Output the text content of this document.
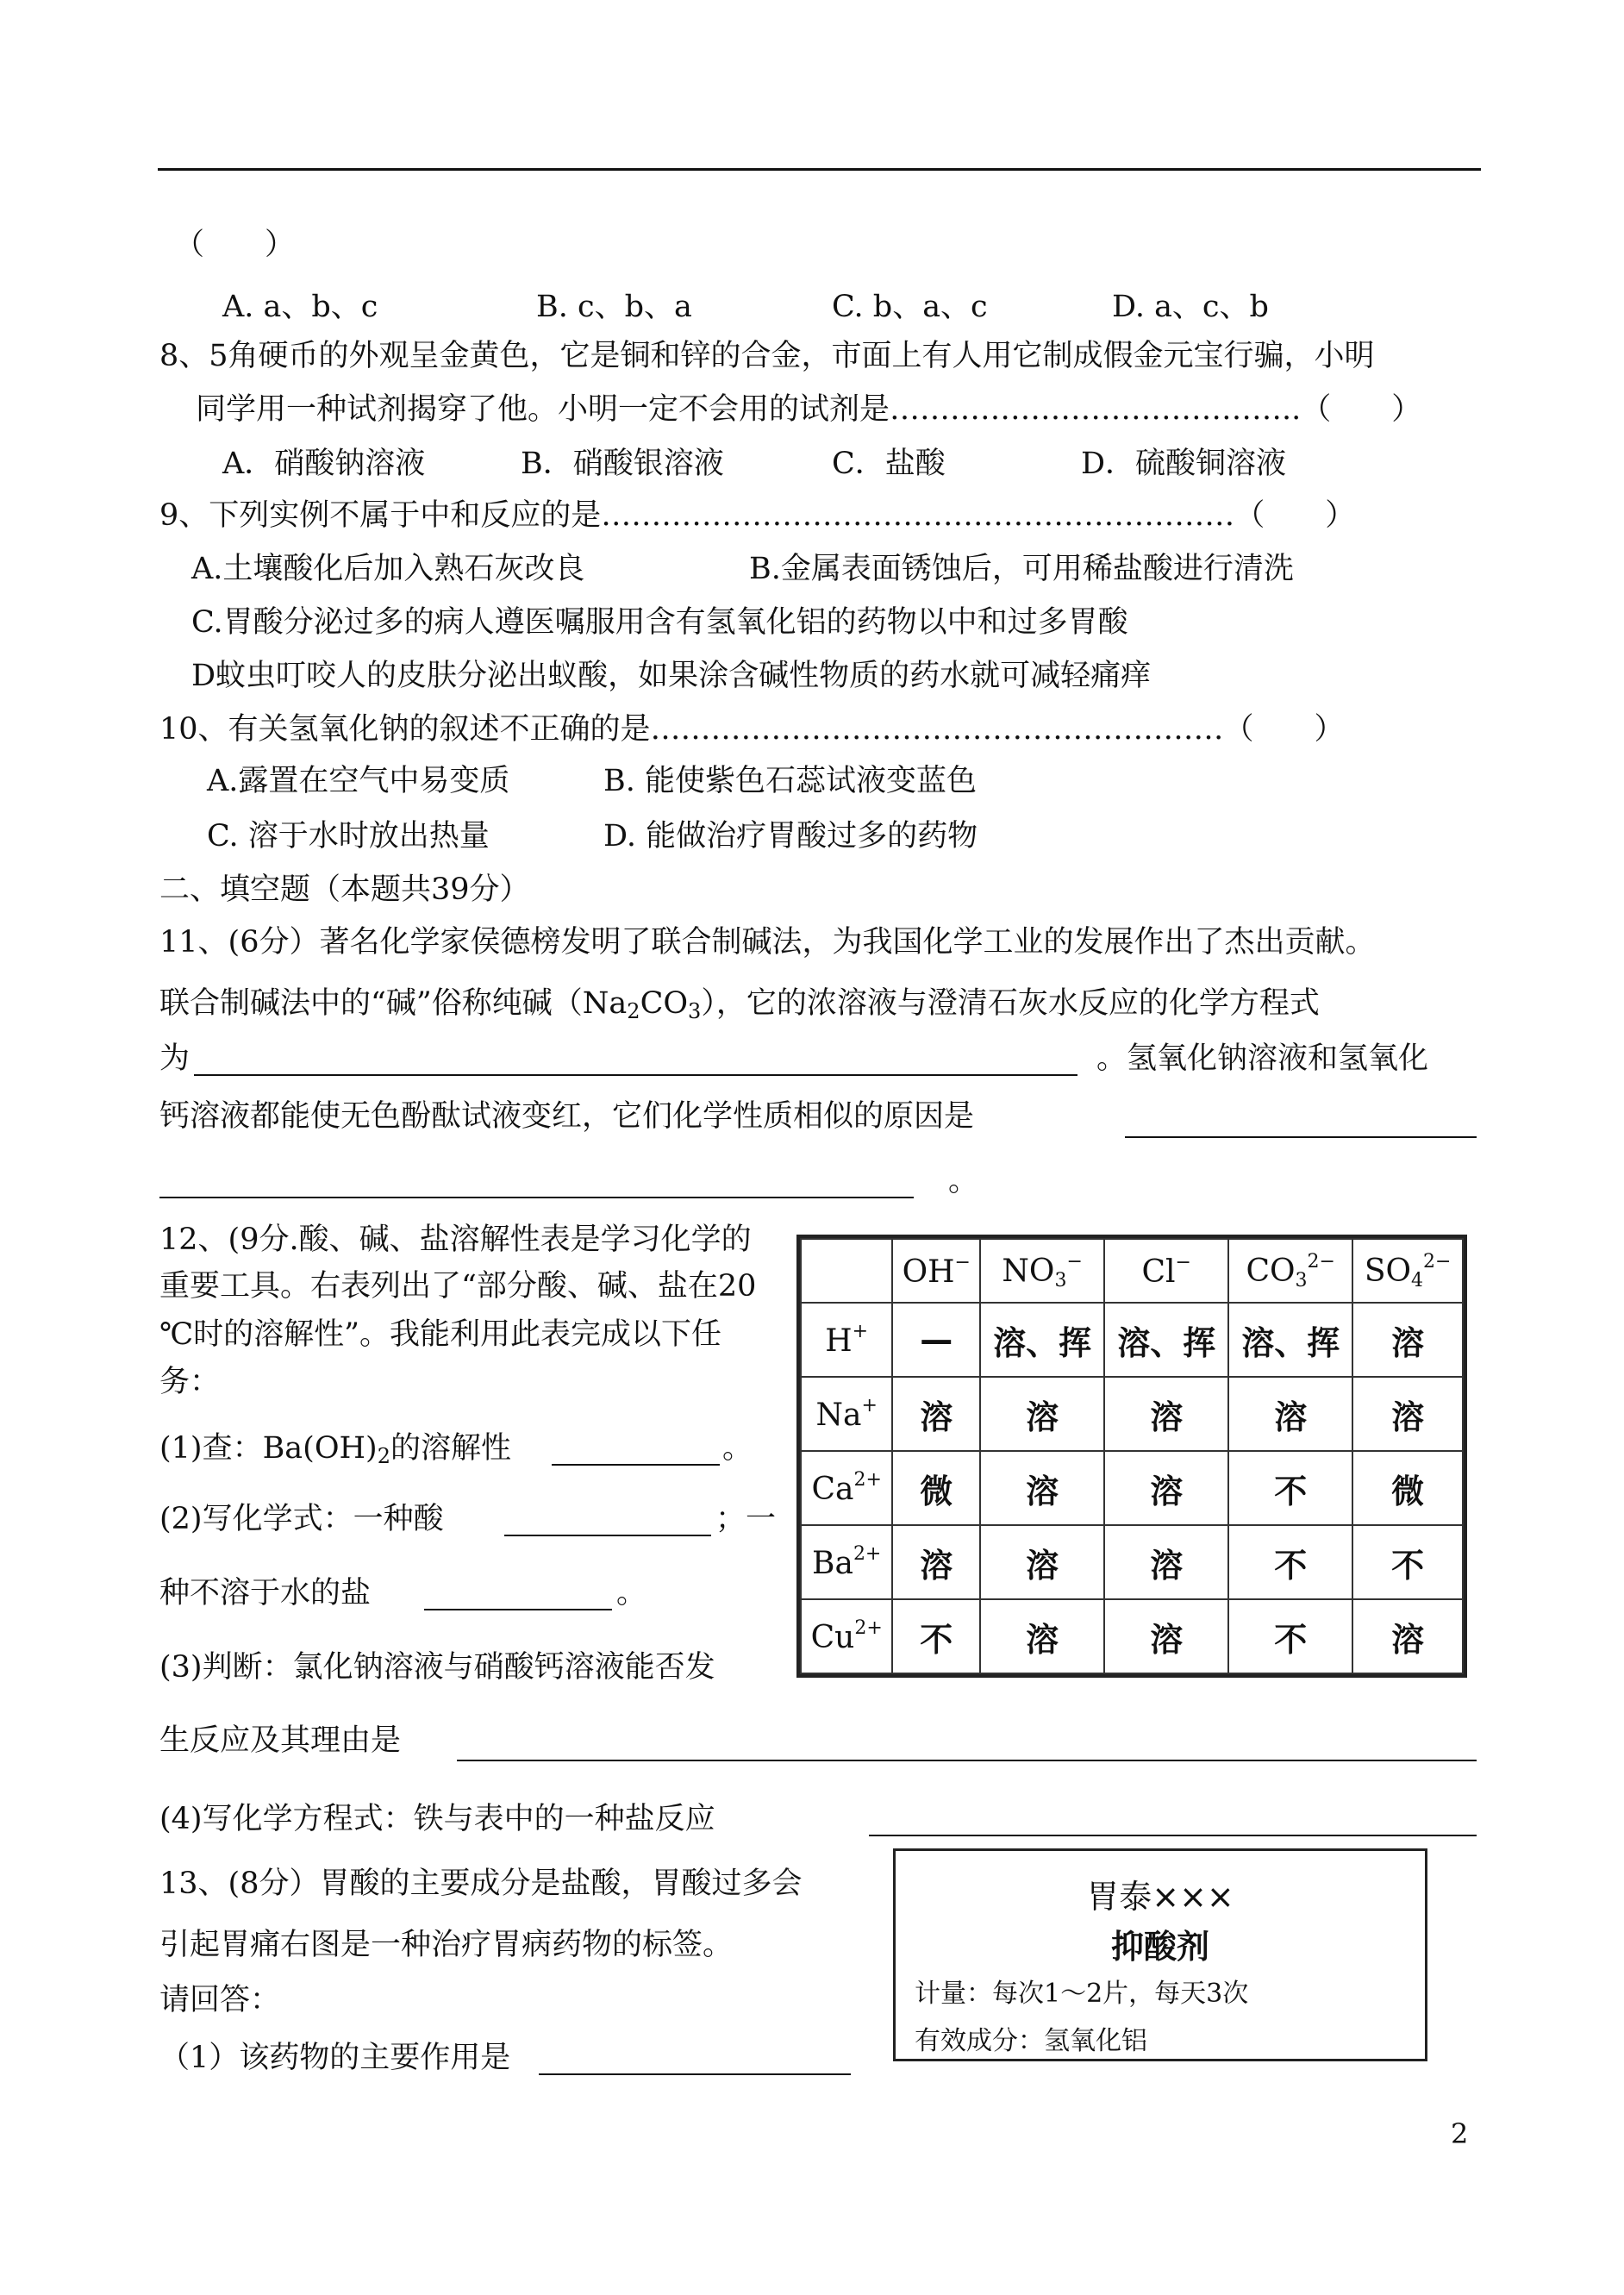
（　　）
A. a、b、c	B. c、b、a	C. b、a、c	D. a、c、b
8、5角硬币的外观呈金黄色，它是铜和锌的合金，市面上有人用它制成假金元宝行骗，小明
同学用一种试剂揭穿了他。小明一定不会用的试剂是…………………………………..（　　）
A．硝酸钠溶液	B．硝酸银溶液	C．盐酸	D．硫酸铜溶液
9、下列实例不属于中和反应的是………………………………………………………（　　）
A.土壤酸化后加入熟石灰改良	B.金属表面锈蚀后，可用稀盐酸进行清洗
C.胃酸分泌过多的病人遵医嘱服用含有氢氧化铝的药物以中和过多胃酸
D蚊虫叮咬人的皮肤分泌出蚁酸，如果涂含碱性物质的药水就可减轻痛痒
10、有关氢氧化钠的叙述不正确的是…………………………………………………（　　）
A.露置在空气中易变质	B. 能使紫色石蕊试液变蓝色
C. 溶于水时放出热量	D. 能做治疗胃酸过多的药物
二、填空题（本题共39分）
11、(6分）著名化学家侯德榜发明了联合制碱法，为我国化学工业的发展作出了杰出贡献。
联合制碱法中的“碱”俗称纯碱$(Na_2CO_3)$，它的浓溶液与澄清石灰水反应的化学方程式
为	。氢氧化钠溶液和氢氧化
钙溶液都能使无色酚酞试液变红，它们化学性质相似的原因是
。
12、(9分.酸、碱、盐溶解性表是学习化学的
重要工具。右表列出了“部分酸、碱、盐在20
℃时的溶解性”。我能利用此表完成以下任
务：
(1)查：$Ba(OH)_2$的溶解性	。
(2)写化学式：一种酸	；一
种不溶于水的盐	。
(3)判断：氯化钠溶液与硝酸钙溶液能否发
生反应及其理由是
(4)写化学方程式：铁与表中的一种盐反应
	OH−	NO3−	Cl−	$CO3^{2-}$	$SO4^{2-}$
H+	—	溶、挥	溶、挥	溶、挥	溶
Na+	溶	溶	溶	溶	溶
$Ca^{2+}$	微	溶	溶	不	微
$Ba^{2+}$	溶	溶	溶	不	不
$Cu^{2+}$	不	溶	溶	不	溶
13、(8分）胃酸的主要成分是盐酸，胃酸过多会
引起胃痛右图是一种治疗胃病药物的标签。
请回答：
（1）该药物的主要作用是
胃泰×××
抑酸剂
计量：每次1～2片，每天3次
有效成分：氢氧化铝
2
